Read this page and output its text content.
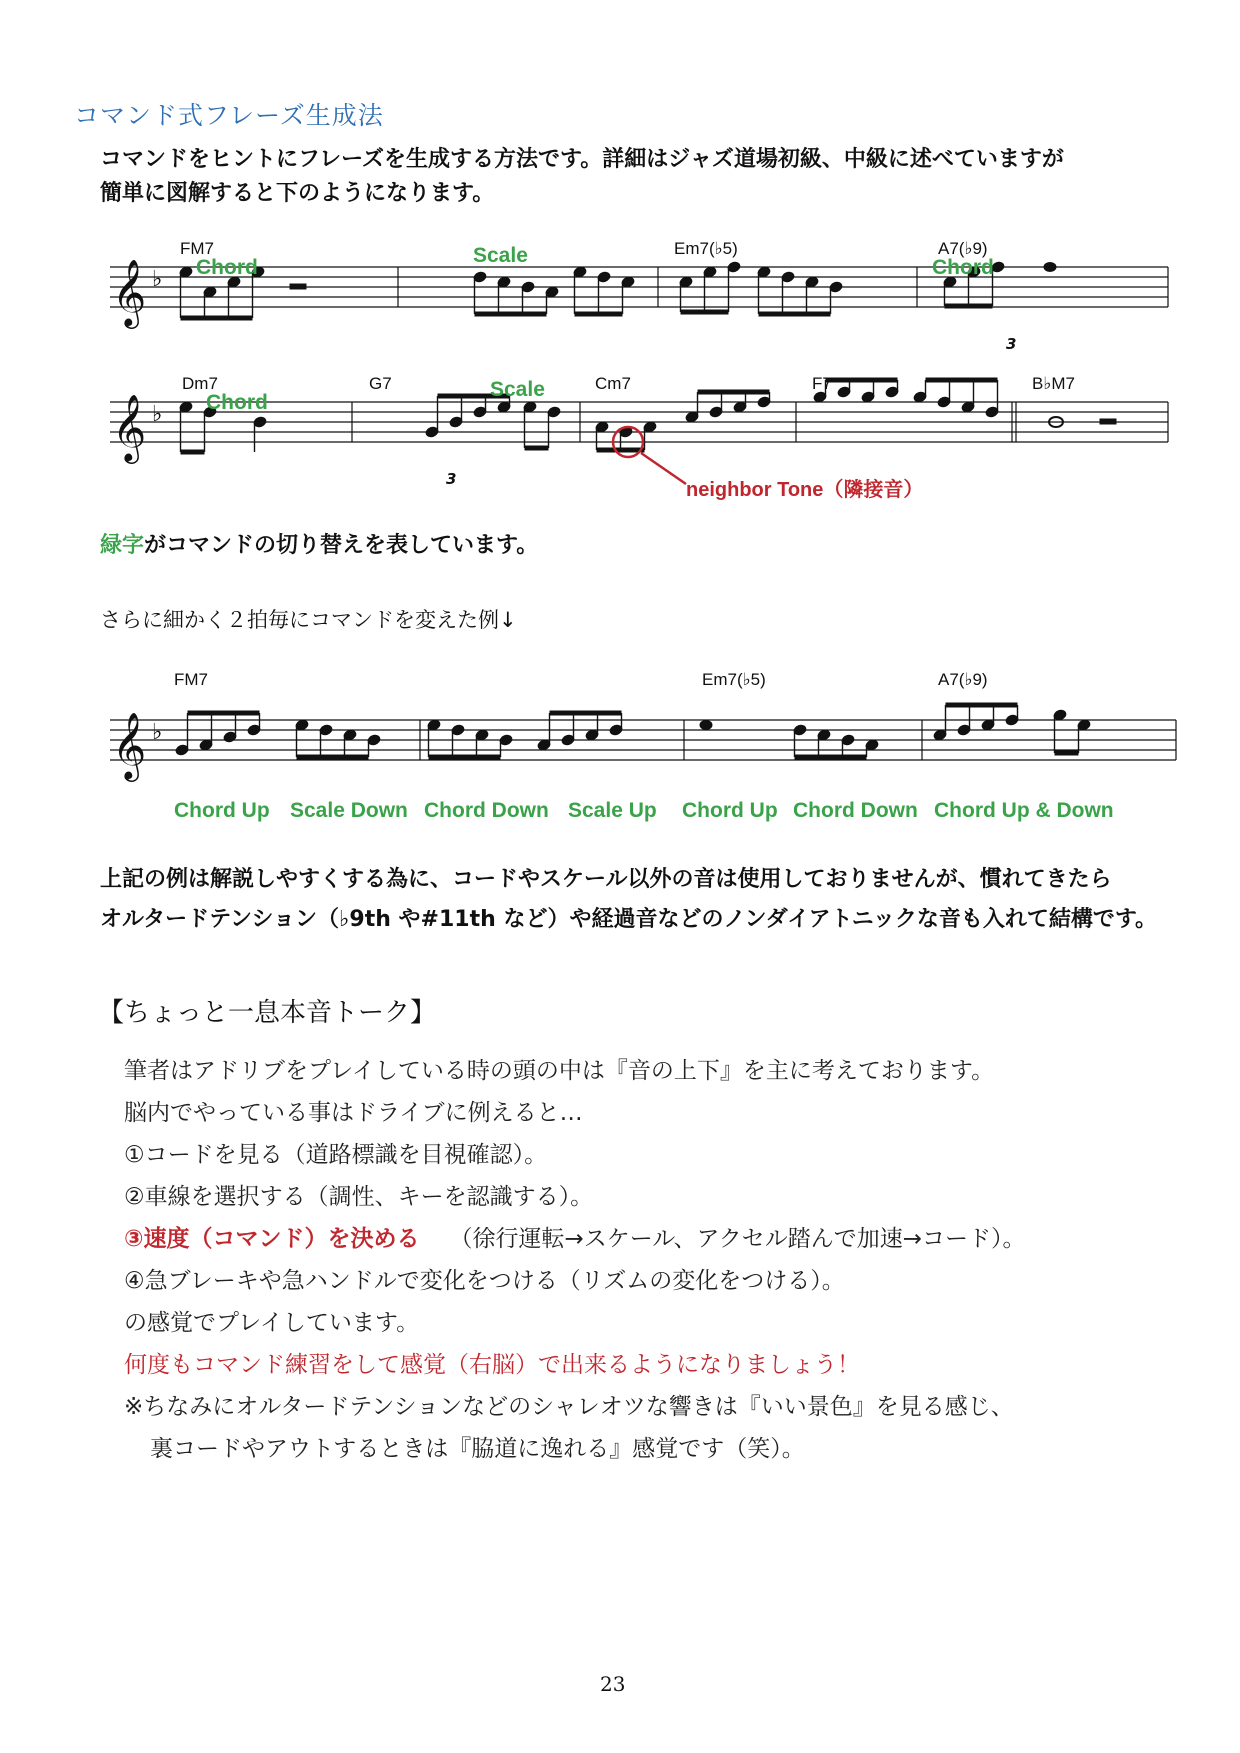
コマンド式フレーズ生成法
コマンドをヒントにフレーズを生成する方法です。詳細はジャズ道場初級、中級に述べていますが
簡単に図解すると下のようになります。
𝄞 ♭
FM7	Em7(♭5)	A7(♭9)
Chord
Scale
Chord
3
𝄞 ♭
Dm7	G7	Cm7	F7	B♭M7
Chord
Scale
3	neighbor Tone（隣接音）
緑字がコマンドの切り替えを表しています。
さらに細かく２拍毎にコマンドを変えた例↓
𝄞 ♭
FM7	Em7(♭5)	A7(♭9)
Chord Up Scale Down Chord Down Scale Up Chord Up Chord Down Chord Up & Down
上記の例は解説しやすくする為に、コードやスケール以外の音は使用しておりませんが、慣れてきたら
オルタードテンション（♭9th や#11th など）や経過音などのノンダイアトニックな音も入れて結構です。
【ちょっと一息本音トーク】
筆者はアドリブをプレイしている時の頭の中は『音の上下』を主に考えております。
脳内でやっている事はドライブに例えると…
①コードを見る（道路標識を目視確認）。
②車線を選択する（調性、キーを認識する）。
③速度（コマンド）を決める （徐行運転→スケール、アクセル踏んで加速→コード）。
④急ブレーキや急ハンドルで変化をつける（リズムの変化をつける）。
の感覚でプレイしています。
何度もコマンド練習をして感覚（右脳）で出来るようになりましょう！
※ちなみにオルタードテンションなどのシャレオツな響きは『いい景色』を見る感じ、
裏コードやアウトするときは『脇道に逸れる』感覚です（笑）。
23
